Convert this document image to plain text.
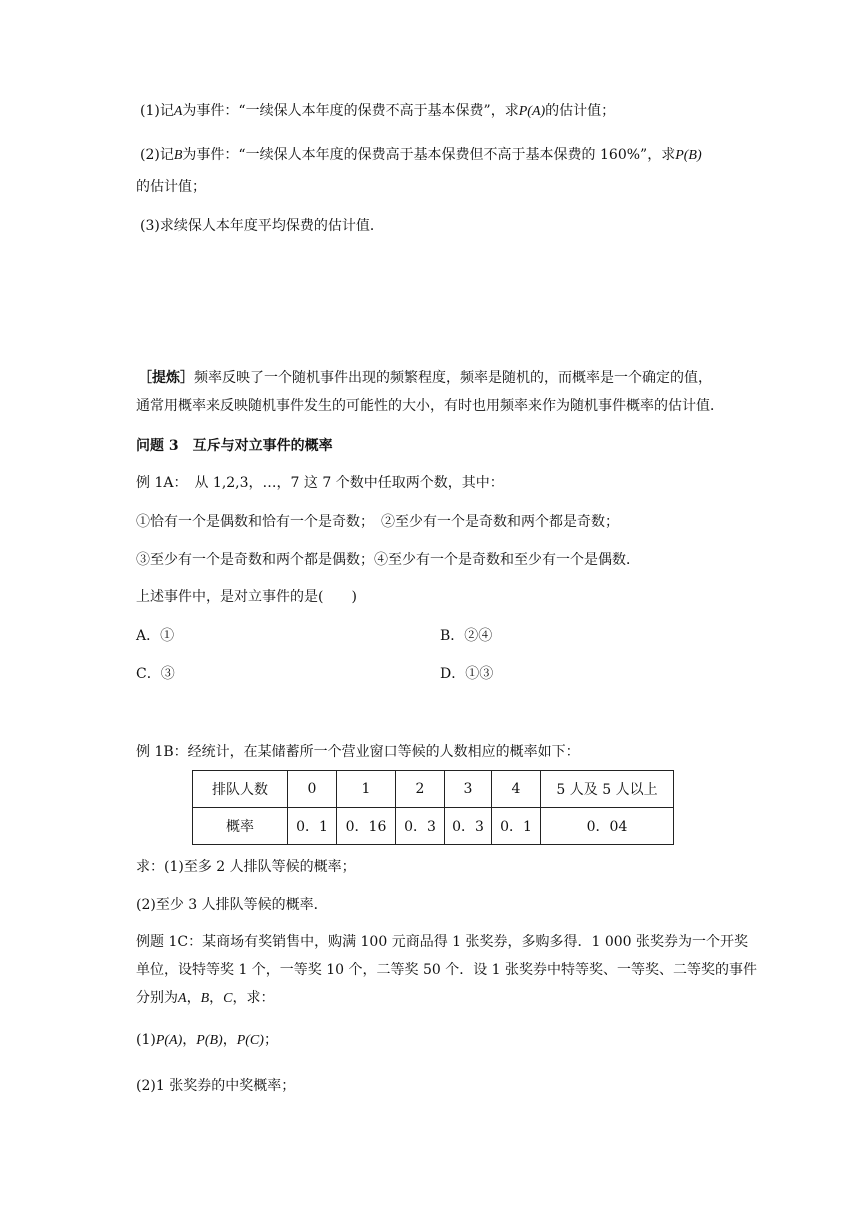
(1)记A为事件：“一续保人本年度的保费不高于基本保费”，求P(A)的估计值；
(2)记B为事件：“一续保人本年度的保费高于基本保费但不高于基本保费的 160%”，求P(B)
的估计值；
(3)求续保人本年度平均保费的估计值．
［提炼］频率反映了一个随机事件出现的频繁程度，频率是随机的，而概率是一个确定的值，
通常用概率来反映随机事件发生的可能性的大小，有时也用频率来作为随机事件概率的估计值．
问题 3　互斥与对立事件的概率
例 1A：　从 1,2,3，…，7 这 7 个数中任取两个数，其中：
①恰有一个是偶数和恰有一个是奇数；　②至少有一个是奇数和两个都是奇数；
③至少有一个是奇数和两个都是偶数；④至少有一个是奇数和至少有一个是偶数．
上述事件中，是对立事件的是(　　)
A．①	B．②④
C．③	D．①③
例 1B：经统计，在某储蓄所一个营业窗口等候的人数相应的概率如下：
排队人数	0	1	2	3	4	5 人及 5 人以上
概率	0．1	0．16	0．3	0．3	0．1	0．04
求：(1)至多 2 人排队等候的概率；
(2)至少 3 人排队等候的概率．
例题 1C：某商场有奖销售中，购满 100 元商品得 1 张奖券，多购多得．1 000 张奖券为一个开奖
单位，设特等奖 1 个，一等奖 10 个，二等奖 50 个．设 1 张奖券中特等奖、一等奖、二等奖的事件
分别为A，B，C，求：
(1)P(A)，P(B)，P(C)；
(2)1 张奖券的中奖概率；
